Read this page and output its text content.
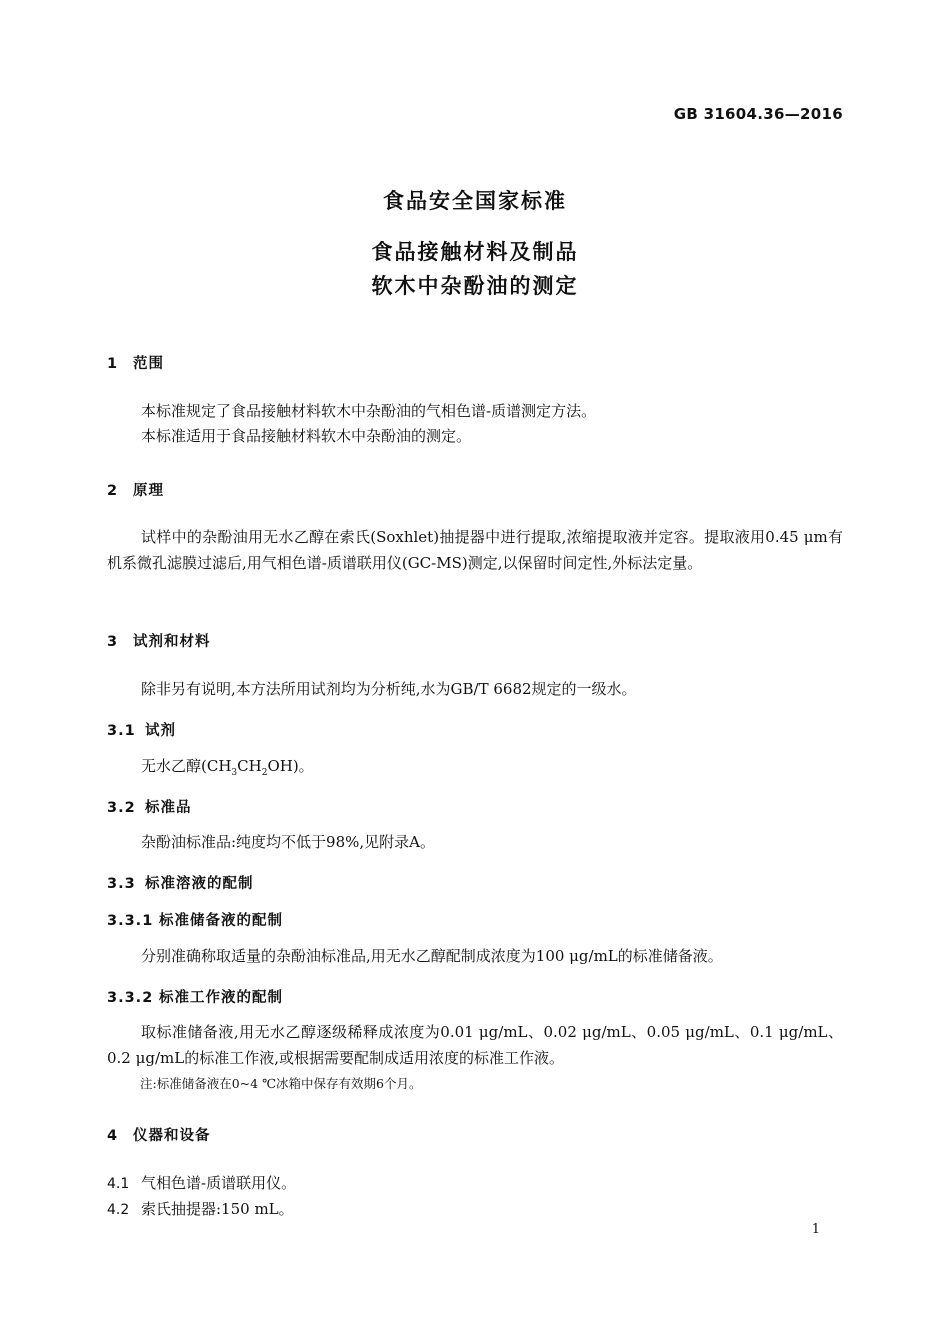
GB 31604.36—2016
食品安全国家标准
食品接触材料及制品
软木中杂酚油的测定
1 范围
本标准规定了食品接触材料软木中杂酚油的气相色谱-质谱测定方法。
本标准适用于食品接触材料软木中杂酚油的测定。
2 原理
试样中的杂酚油用无水乙醇在索氏(Soxhlet)抽提器中进行提取,浓缩提取液并定容。提取液用0.45 μm有机系微孔滤膜过滤后,用气相色谱-质谱联用仪(GC-MS)测定,以保留时间定性,外标法定量。
3 试剂和材料
除非另有说明,本方法所用试剂均为分析纯,水为GB/T 6682规定的一级水。
3.1 试剂
无水乙醇$(CH_3CH_2OH)$。
3.2 标准品
杂酚油标准品:纯度均不低于98%,见附录A。
3.3 标准溶液的配制
3.3.1 标准储备液的配制
分别准确称取适量的杂酚油标准品,用无水乙醇配制成浓度为100 μg/mL的标准储备液。
3.3.2 标准工作液的配制
取标准储备液,用无水乙醇逐级稀释成浓度为0.01 μg/mL、0.02 μg/mL、0.05 μg/mL、0.1 μg/mL、0.2 μg/mL的标准工作液,或根据需要配制成适用浓度的标准工作液。
注:标准储备液在0~4 ℃冰箱中保存有效期6个月。
4 仪器和设备
4.1 气相色谱-质谱联用仪。
4.2 索氏抽提器:150 mL。
1
